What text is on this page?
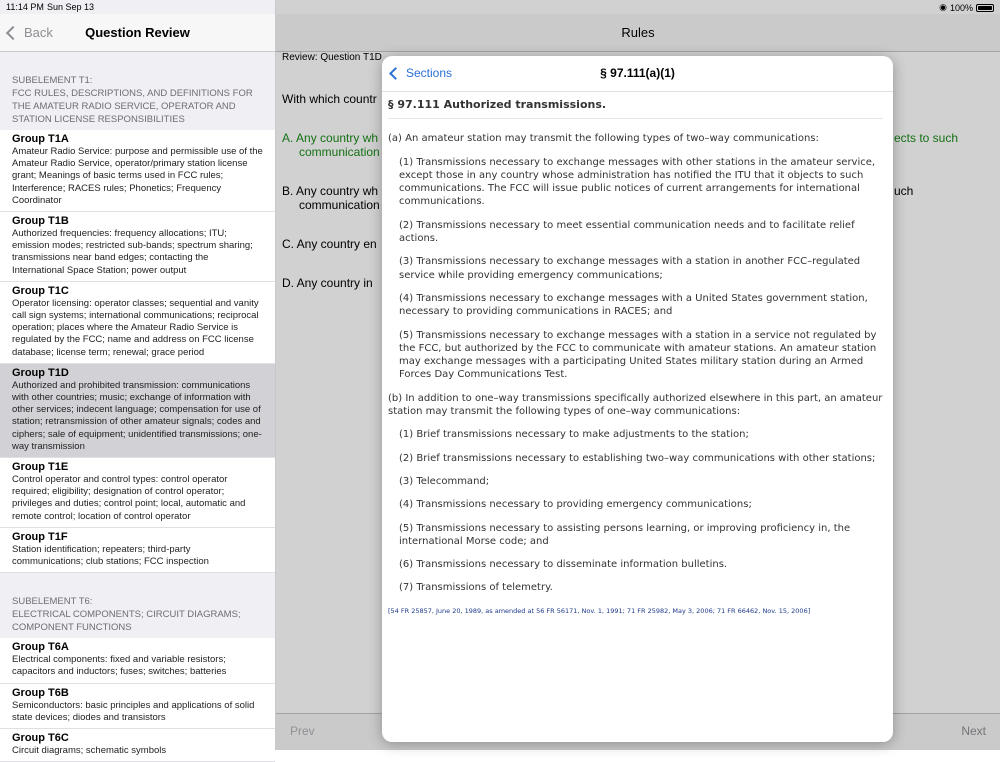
11:14 PM Sun Sep 13	◉ 100%
Back	Question Review
SUBELEMENT T1:
FCC RULES, DESCRIPTIONS, AND DEFINITIONS FOR THE AMATEUR RADIO SERVICE, OPERATOR AND STATION LICENSE RESPONSIBILITIES
Group T1A
Amateur Radio Service: purpose and permissible use of the Amateur Radio Service, operator/primary station license grant; Meanings of basic terms used in FCC rules; Interference; RACES rules; Phonetics; Frequency Coordinator
Group T1B
Authorized frequencies: frequency allocations; ITU; emission modes; restricted sub-bands; spectrum sharing; transmissions near band edges; contacting the International Space Station; power output
Group T1C
Operator licensing: operator classes; sequential and vanity call sign systems; international communications; reciprocal operation; places where the Amateur Radio Service is regulated by the FCC; name and address on FCC license database; license term; renewal; grace period
Group T1D
Authorized and prohibited transmission: communications with other countries; music; exchange of information with other services; indecent language; compensation for use of station; retransmission of other amateur signals; codes and ciphers; sale of equipment; unidentified transmissions; one-way transmission
Group T1E
Control operator and control types: control operator required; eligibility; designation of control operator; privileges and duties; control point; local, automatic and remote control; location of control operator
Group T1F
Station identification; repeaters; third-party communications; club stations; FCC inspection
SUBELEMENT T6:
ELECTRICAL COMPONENTS; CIRCUIT DIAGRAMS; COMPONENT FUNCTIONS
Group T6A
Electrical components: fixed and variable resistors; capacitors and inductors; fuses; switches; batteries
Group T6B
Semiconductors: basic principles and applications of solid state devices; diodes and transistors
Group T6C
Circuit diagrams; schematic symbols
Rules
Review: Question T1D
With which countr
A. Any country wh
communication
ects to such
B. Any country wh
communication
uch
C. Any country en
D. Any country in
Prev	Next
Sections	§ 97.111(a)(1)
§ 97.111 Authorized transmissions.

(a) An amateur station may transmit the following types of two–way communications:

(1) Transmissions necessary to exchange messages with other stations in the amateur service, except those in any country whose administration has notified the ITU that it objects to such communications. The FCC will issue public notices of current arrangements for international communications.

(2) Transmissions necessary to meet essential communication needs and to facilitate relief actions.

(3) Transmissions necessary to exchange messages with a station in another FCC–regulated service while providing emergency communications;

(4) Transmissions necessary to exchange messages with a United States government station, necessary to providing communications in RACES; and

(5) Transmissions necessary to exchange messages with a station in a service not regulated by the FCC, but authorized by the FCC to communicate with amateur stations. An amateur station may exchange messages with a participating United States military station during an Armed Forces Day Communications Test.

(b) In addition to one–way transmissions specifically authorized elsewhere in this part, an amateur station may transmit the following types of one–way communications:

(1) Brief transmissions necessary to make adjustments to the station;

(2) Brief transmissions necessary to establishing two–way communications with other stations;

(3) Telecommand;

(4) Transmissions necessary to providing emergency communications;

(5) Transmissions necessary to assisting persons learning, or improving proficiency in, the international Morse code; and

(6) Transmissions necessary to disseminate information bulletins.

(7) Transmissions of telemetry.

[54 FR 25857, June 20, 1989, as amended at 56 FR 56171, Nov. 1, 1991; 71 FR 25982, May 3, 2006; 71 FR 66462, Nov. 15, 2006]
